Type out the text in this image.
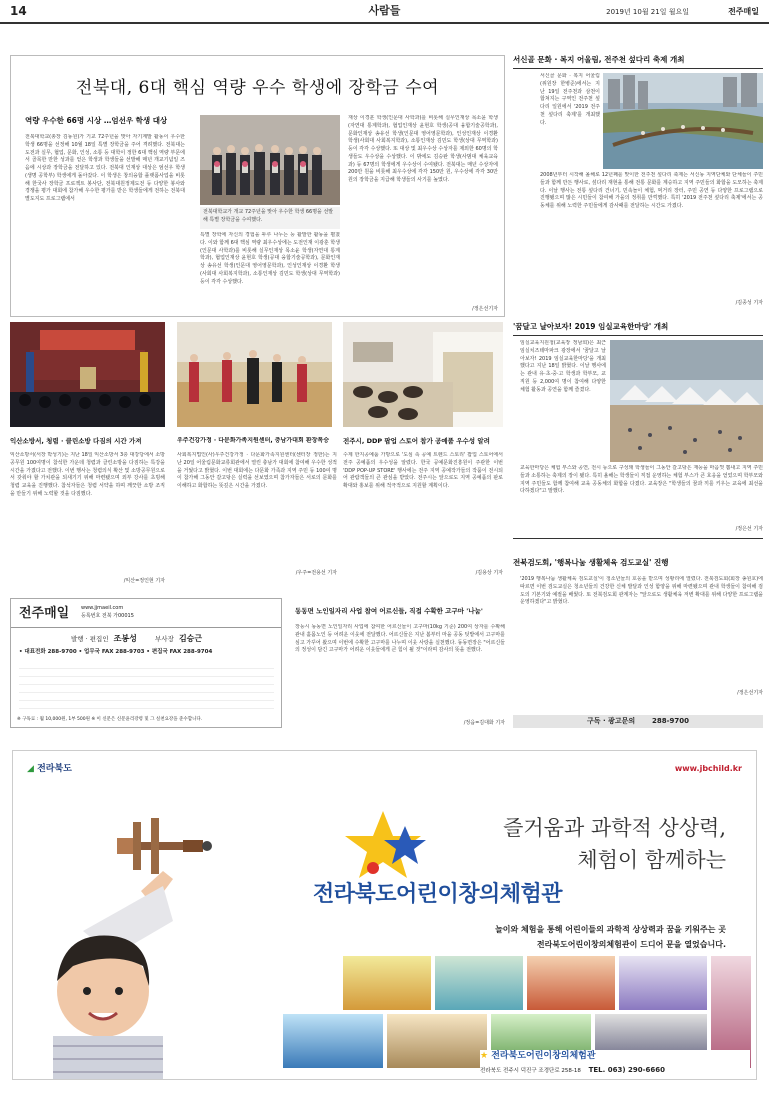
14	사람들	2019년 10월 21일 월요일	전주매일
전북대, 6대 핵심 역량 우수 학생에 장학금 수여
역량 우수한 66명 시상 …엄선우 학생 대상
전북대학교(총장 김동원)가 기교 72주년을 맞아 자기계발 활동이 우수한 학생 66명을 선정해 10월 18일 특별 장학금을 주어 격려했다. 전북대는 도전과 실무, 협업, 문화, 인성, 소통 등 대학이 정한 6대 핵심 역량 부문에서 골목한 만한 성과를 얻은 학생과 학생들을 선발해 매년 개교기념일 즈음에 시상과 장학금을 전달하고 있다. 전북대 인재상 대상은 엄선우 학생(생명 공학부) 학생에게 돌아갔다. 이 학생은 창의융합 플랫폼사업을 비롯해 한국사 장학금 프로젝트 봉사단, 전북대원정제도전 등 다양한 봉사와 경쟁을 평가 대회에 참가해 우수한 평가를 받은 학생들에게 전하는 전북대별도지도 프로그램에서
전북대학교가 개교 72주년을 맞아 우수한 학생 66명을 선발해 특별 장학금을 수여했다.
특별 장학에 자신의 경험을 두루 나누는 등 활발한 활동을 펼쳤다. 이와 함께 6대 핵심 역량 최우수상에는 도전인재 이광훈 학생(인문대 사학과)를 비롯해 실무인재상 목소윤 학생(자연대 통계학과), 협업인재상 윤현호 학생(공대 융합기술공학과), 문화인재상 송유선 학생(인문대 영어영문학과), 인성인재상 이경환 학생(사회대 사회복지학과), 소통인재상 김민도 학생(상대 무역학과) 등이 각각 수상했다.
재상 이경훈 학생(인문대 사학과)를 비롯해 실무인재상 목소윤 학생(자연대 통계학과), 협업인재상 윤현호 학생(공대 융합기술공학과), 문화인재상 송유선 학생(인문대 영어영문학과), 인성인재상 이경환 학생(사회대 사회복지학과), 소통인재상 김민도 학생(상대 무역학과) 등이 각각 수상했다. 또 대상 및 최우수상 수상자를 제외한 60명의 학생들도 우수상을 수상했다. 이 밖에도 김승완 학생(사범대 체육교육과) 등 67명의 학생에게 우수상이 수여됐다. 전북대는 매년 수상자에 200만 원을 비롯해 최우수상에 각각 150만 원, 우수상에 각각 30만 원의 장학금을 지급해 학생들의 사기를 높였다.
/정은선기자
서신골 문화 · 복지 어울림, 전주천 섶다리 축제 개최
서신골 문화 · 복지 어울림(위원장 한병준)에서는 지난 19일 전주천과 삼천이 합쳐지는 구역인 전주천 섶다리 일원에서 '2019 전주천 섶다리 축제'를 개최했다.
2008년부터 시작해 올해로 12년째를 맞이한 전주천 섶다리 축제는 서신동 지역단체와 단체들이 주민들과 함께 만든 행사로, 섶다리 재현을 통해 전통 문화를 계승하고 지역 주민들의 화합을 도모하는 축제다. 이날 행사는 전통 섶다리 건너기, 민속놀이 체험, 먹거리 장터, 주민 공연 등 다양한 프로그램으로 진행됐으며 많은 시민들이 참여해 가을의 정취를 만끽했다. 특히 '2019 전주천 섶다리 축제'에서는 공동체를 위해 노력한 주민들에게 감사패를 전달하는 시간도 가졌다.
/김종성 기자
'꿈달고 날아보자! 2019 임실교육한마당' 개최
임실교육지원청(교육장 정남희)은 최근 임실치즈테마파크 광장에서 '꿈달고 날아보자! 2019 임실교육한마당'을 개최했다고 지난 18일 밝혔다. 이날 행사에는 관내 유·초·중·고 학생과 학부모, 교직원 등 2,000여 명이 참여해 다양한 체험 활동과 공연을 함께 즐겼다.
교육한마당은 체험 부스와 공연, 전시 등으로 구성돼 학생들이 그동안 갈고닦은 재능을 마음껏 뽐내고 지역 주민들과 소통하는 축제의 장이 됐다. 특히 올해는 학생들이 직접 운영하는 체험 부스가 큰 호응을 얻었으며 학부모와 지역 주민들도 함께 참여해 교육 공동체의 화합을 다졌다. 교육장은 "학생들의 꿈과 끼를 키우는 교육에 최선을 다하겠다"고 말했다.
/정은선 기자
익산소방서, 청렴 · 클린소방 다짐의 시간 가져
익산소방서(서장 박성기)는 지난 18일 익산소방서 3층 대강당에서 소방공무원 100여명이 참석한 가운데 청렴과 클린소방을 다짐하는 특강을 시간을 가졌다고 전했다. 이번 행사는 청렴의식 확산 및 소방공무원으로서 갖춰야 할 가치관을 되새기기 위해 마련됐으며 외부 강사를 초빙해 청렴 교육을 진행했다. 참석자들은 청렴 서약을 하며 깨끗한 소방 조직을 만들기 위해 노력할 것을 다짐했다.
/익산=정인현 기자
우주건강가정 · 다문화가족지원센터, 충남가대회 환장폭승
사회복지법인(사)우주건강가정 · 다문화가족지원센터(센터장 정한)는 지난 20일 어울림문화교류회관에서 열린 충남가 대회에 참여해 우수한 성적을 거뒀다고 밝혔다. 이번 대회에는 다문화 가족과 지역 주민 등 100여 명이 참가해 그동안 갈고닦은 실력을 선보였으며 참가자들은 서로의 문화를 이해하고 화합하는 뜻깊은 시간을 가졌다.
/우주=전용선 기자
전주시, DDP 팝업 스토어 참가 공예품 우수성 알려
수제 한지공예품 가방으로 '도심 속 공예 트렌드 스토리' 팝업 스토어에서 전주 공예품의 우수성을 알렸다. 한국 공예문화진흥원이 주관한 이번 'DDP POP-UP STORE' 행사에는 전주 지역 공예작가들의 작품이 전시되어 관람객들의 큰 관심을 받았다. 전주시는 앞으로도 지역 공예품의 판로 확대와 홍보를 위해 적극적으로 지원할 계획이다.
/김용상 기자
전북검도회, '행복나눔 생활체육 검도교실' 진행
'2019 행복나눔 생활체육 검도교실'이 청소년들의 호응을 받으며 성황리에 열렸다. 전북검도회(회장 송원호)에 따르면 이번 검도교실은 청소년들의 건강한 신체 발달과 인성 함양을 위해 마련됐으며 관내 학생들이 참여해 검도의 기본기와 예절을 배웠다. 또 전북검도회 관계자는 "앞으로도 생활체육 저변 확대를 위해 다양한 프로그램을 운영하겠다"고 밝혔다.
/정은선기자
구독 · 광고문의 288-9700
전주매일 www.jjmaeil.com
등록번호 전북 가00015
발행 · 편집인 조봉성	부사장 김승근
• 대표전화 288-9700 • 업무국 FAX 288-9703 • 편집국 FAX 288-9704
※ 구독료 : 월 10,000원, 1부 500원 ※ 이 신문은 신문윤리강령 및 그 실천요강을 준수합니다.
동동면 노인일자리 사업 참여 어르신들, 직접 수확한 고구마 '나눔'
장등시 동동면 노인일자리 사업에 참여한 어르신들이 고구마(10kg 기준) 200여 상자를 수확해 관내 홀몸노인 등 어려운 이웃에 전달했다. 어르신들은 지난 봄부터 마을 공동 텃밭에서 고구마를 심고 가꾸어 왔으며 이번에 수확한 고구마를 나누며 이웃 사랑을 실천했다. 동동면장은 "어르신들의 정성이 담긴 고구마가 어려운 이웃들에게 큰 힘이 될 것"이라며 감사의 뜻을 전했다.
/정읍=김대화 기자
◢ 전라북도	www.jbchild.kr
즐거움과 과학적 상상력,
체험이 함께하는
전라북도어린이창의체험관
놀이와 체험을 통해 어린이들의 과학적 상상력과 꿈을 키워주는 곳
전라북도어린이창의체험관이 드디어 문을 열었습니다.
★ 전라북도어린이창의체험관
전라북도 전주시 덕진구 조경단로 258-18 TEL. 063) 290-6660
